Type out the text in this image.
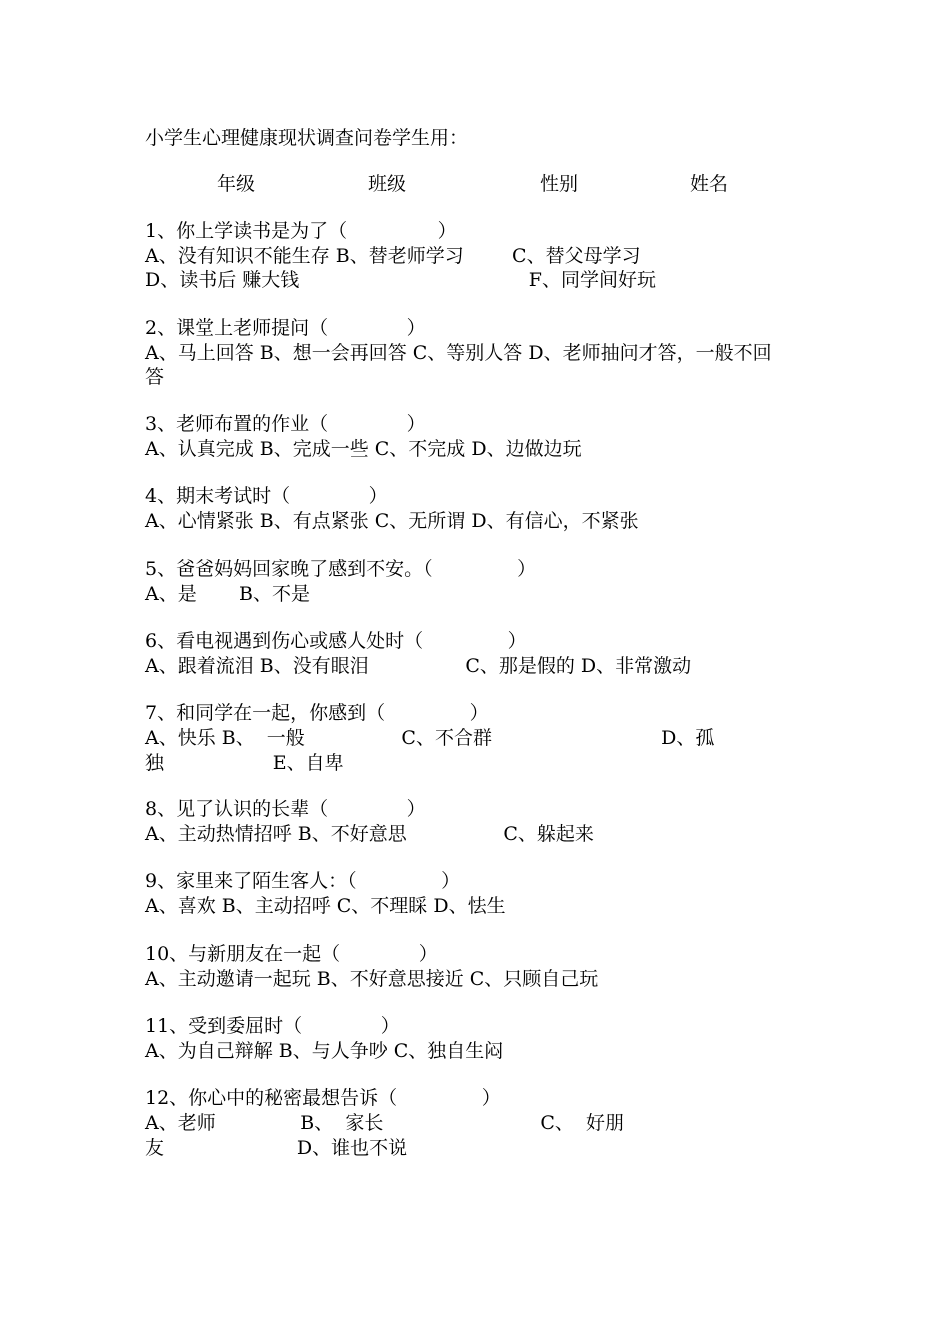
小学生心理健康现状调查问卷学生用：
年级	班级	性别	姓名
1、你上学读书是为了（               ）
A、没有知识不能生存 B、替老师学习        C、替父母学习
D、读书后 赚大钱                                      F、同学间好玩
2、课堂上老师提问（             ）
A、马上回答 B、想一会再回答 C、等别人答 D、老师抽问才答，一般不回
答
3、老师布置的作业（             ）
A、认真完成 B、完成一些 C、不完成 D、边做边玩
4、期末考试时（             ）
A、心情紧张 B、有点紧张 C、无所谓 D、有信心，不紧张
5、爸爸妈妈回家晚了感到不安。（              ）
A、是       B、不是
6、看电视遇到伤心或感人处时（              ）
A、跟着流泪 B、没有眼泪                C、那是假的 D、非常激动
7、和同学在一起，你感到（              ）
A、快乐 B、  一般                C、不合群                            D、孤
独                  E、自卑
8、见了认识的长辈（             ）
A、主动热情招呼 B、不好意思                C、躲起来
9、家里来了陌生客人：（              ）
A、喜欢 B、主动招呼 C、不理睬 D、怯生
10、与新朋友在一起（             ）
A、主动邀请一起玩 B、不好意思接近 C、只顾自己玩
11、受到委屈时（             ）
A、为自己辩解 B、与人争吵 C、独自生闷
12、你心中的秘密最想告诉（              ）
A、老师              B、  家长                          C、  好朋
友                      D、谁也不说
